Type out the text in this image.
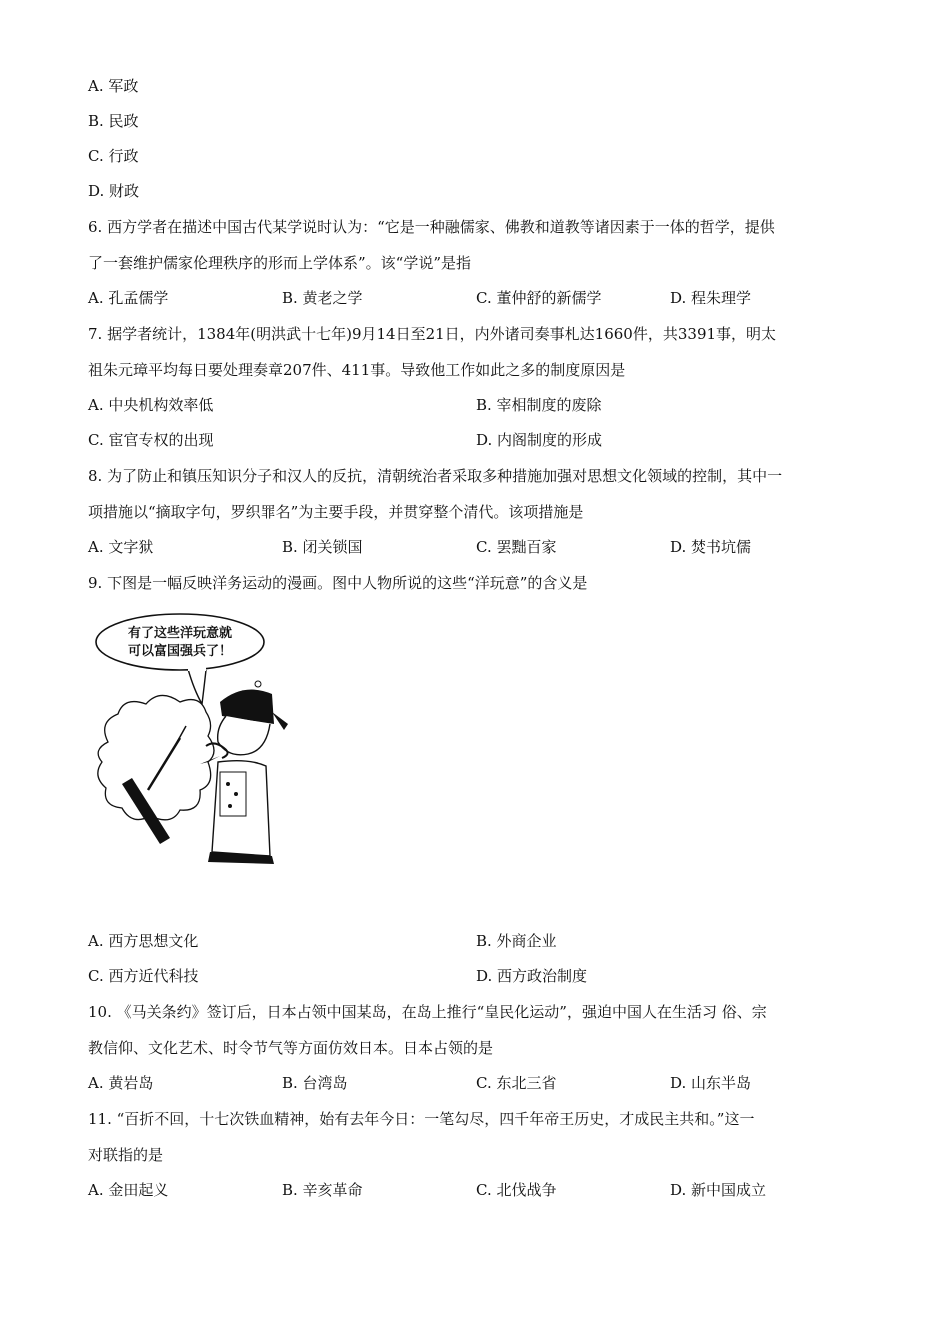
A. 军政
B. 民政
C. 行政
D. 财政
6. 西方学者在描述中国古代某学说时认为：“它是一种融儒家、佛教和道教等诸因素于一体的哲学，提供
了一套维护儒家伦理秩序的形而上学体系”。该“学说”是指
A. 孔孟儒学	B. 黄老之学	C. 董仲舒的新儒学	D. 程朱理学
7. 据学者统计，1384年(明洪武十七年)9月14日至21日，内外诸司奏事札达1660件，共3391事，明太
祖朱元璋平均每日要处理奏章207件、411事。导致他工作如此之多的制度原因是
A. 中央机构效率低	B. 宰相制度的废除
C. 宦官专权的出现	D. 内阁制度的形成
8. 为了防止和镇压知识分子和汉人的反抗，清朝统治者采取多种措施加强对思想文化领域的控制，其中一
项措施以“摘取字句，罗织罪名”为主要手段，并贯穿整个清代。该项措施是
A. 文字狱	B. 闭关锁国	C. 罢黜百家	D. 焚书坑儒
9. 下图是一幅反映洋务运动的漫画。图中人物所说的这些“洋玩意”的含义是
有了这些洋玩意就
可以富国强兵了！
A. 西方思想文化	B. 外商企业
C. 西方近代科技	D. 西方政治制度
10. 《马关条约》签订后，日本占领中国某岛，在岛上推行“皇民化运动”，强迫中国人在生活习 俗、宗
教信仰、文化艺术、时令节气等方面仿效日本。日本占领的是
A. 黄岩岛	B. 台湾岛	C. 东北三省	D. 山东半岛
11. “百折不回，十七次铁血精神，始有去年今日：一笔勾尽，四千年帝王历史，才成民主共和。”这一
对联指的是
A. 金田起义	B. 辛亥革命	C. 北伐战争	D. 新中国成立
